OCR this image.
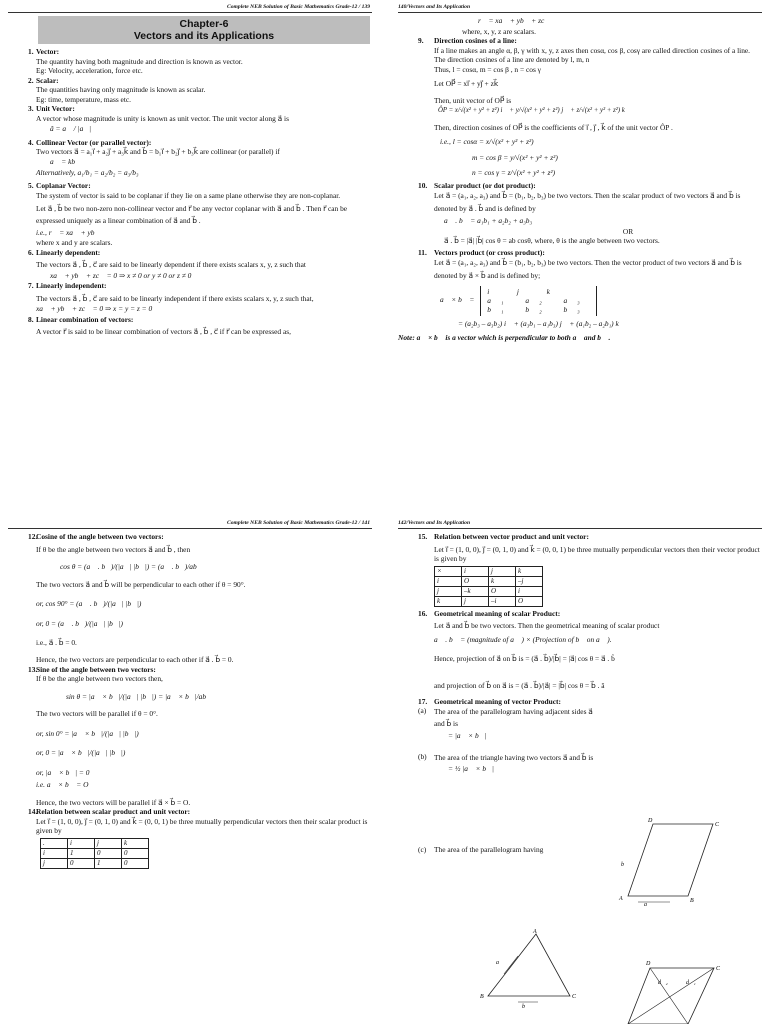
Complete NEB Solution of Basic Mathematics Grade-12 / 139
Chapter-6
Vectors and its Applications
1. Vector:

The quantity having both magnitude and direction is known as vector.

Eg: Velocity, acceleration, force etc.

2. Scalar:

The quantities having only magnitude is known as scalar.

Eg: time, temperature, mass etc.

3. Unit Vector:

A vector whose magnitude is unity is known as unit vector. The unit vector along a⃗ is

â = a⃗ / |a⃗|

4. Collinear Vector (or parallel vector):

Two vectors a⃗ = a₁i⃗ + a₂j⃗ + a₃k⃗ and b⃗ = b₁i⃗ + b₂j⃗ + b₃k⃗ are collinear (or parallel) if

a⃗ = kb⃗

Alternatively, a₁/b₁ = a₂/b₂ = a₃/b₃

5. Coplanar Vector:

The system of vector is said to be coplanar if they lie on a same plane otherwise they are non-coplanar.

Let a⃗ , b⃗ be two non-zero non-collinear vector and r⃗ be any vector coplanar with a⃗ and b⃗ . Then r⃗ can be expressed uniquely as a linear combination of a⃗ and b⃗ .

i.e., r⃗ = xa⃗ + yb⃗

where x and y are scalars.

6. Linearly dependent:

The vectors a⃗ , b⃗ , c⃗ are said to be linearly dependent if there exists scalars x, y, z such that

xa⃗ + yb⃗ + zc⃗ = 0 ⇒ x ≠ 0 or y ≠ 0 or z ≠ 0

7. Linearly independent:

The vectors a⃗ , b⃗ , c⃗ are said to be linearly independent if there exists scalars x, y, z such that,

xa⃗ + yb⃗ + zc⃗ = 0 ⇒ x = y = z = 0

8. Linear combination of vectors:

A vector r⃗ is said to be linear combination of vectors a⃗ , b⃗ , c⃗ if r⃗ can be expressed as,

140/Vectors and Its Application

r⃗ = xa⃗ + yb⃗ + zc⃗

where, x, y, z are scalars.

9.	Direction cosines of a line:

If a line makes an angle α, β, γ with x, y, z axes then cosα, cos β, cosγ are called direction cosines of a line.

The direction cosines of a line are denoted by l, m, n

Thus, l = cosα, m = cos β , n = cos γ

Let OP⃗ = xi⃗ + yj⃗ + zk⃗

Then, unit vector of OP⃗ is

ÔP = x/√(x² + y² + z²) i⃗ + y/√(x² + y² + z²) j⃗ + z/√(x² + y² + z²) k⃗

Then, direction cosines of OP⃗ is the coefficients of i⃗ , j⃗ , k⃗ of the unit vector ÔP .

i.e., l = cosα = x/√(x² + y² + z²)

m = cos β = y/√(x² + y² + z²)

n = cos γ = z/√(x² + y² + z²)

10. Scalar product (or dot product):

Let a⃗ = (a₁, a₂, a₃) and b⃗ = (b₁, b₂, b₃) be two vectors. Then the scalar product of two vectors a⃗ and b⃗ is denoted by a⃗ . b⃗ and is defined by

a⃗ . b⃗ = a₁b₁ + a₂b₂ + a₃b₃

OR

a⃗ . b⃗ = |a⃗| |b⃗| cos θ = ab cosθ, where, θ is the angle between two vectors.

11. Vectors product (or cross product):

Let a⃗ = (a₁, a₂, a₃) and b⃗ = (b₁, b₂, b₃) be two vectors. Then the vector product of two vectors a⃗ and b⃗ is denoted by a⃗ × b⃗ and is defined by;

a⃗ × b⃗ =
i⃗ j⃗ k⃗
a₁ a₂ a₃
b₁ b₂ b₃

= (a₂b₃ – a₃b₂) i⃗ + (a₃b₁ – a₁b₃) j⃗ + (a₁b₂ – a₂b₁) k⃗

Note: a⃗ × b⃗ is a vector which is perpendicular to both a⃗ and b⃗ .

Complete NEB Solution of Basic Mathematics Grade-12 / 141
12.

Cosine of the angle between two vectors:

If θ be the angle between two vectors a⃗ and b⃗ , then

cos θ = (a⃗ . b⃗)/(|a⃗| |b⃗|) = (a⃗ . b⃗)/ab

The two vectors a⃗ and b⃗ will be perpendicular to each other if θ = 90°.

or, cos 90° = (a⃗ . b⃗)/(|a⃗| |b⃗|)

or, 0 = (a⃗ . b⃗)/(|a⃗| |b⃗|)

i.e., a⃗ . b⃗ = 0.

Hence, the two vectors are perpendicular to each other if a⃗ . b⃗ = 0.

13.

Sine of the angle between two vectors:

If θ be the angle between two vectors then,

sin θ = |a⃗ × b⃗|/(|a⃗| |b⃗|) = |a⃗ × b⃗|/ab

The two vectors will be parallel if θ = 0°.

or, sin 0° = |a⃗ × b⃗|/(|a⃗| |b⃗|)

or, 0 = |a⃗ × b⃗|/(|a⃗| |b⃗|)

or, |a⃗ × b⃗| = 0

i.e. a⃗ × b⃗ = O

Hence, the two vectors will be parallel if a⃗ × b⃗ = O.

14.

Relation between scalar product and unit vector:

Let i⃗ = (1, 0, 0), j⃗ = (0, 1, 0) and k⃗ = (0, 0, 1) be three mutually perpendicular vectors then their scalar product is given by

.	i⃗	j⃗	k⃗
i⃗	1	0	0
j⃗	0	1	0
142/Vectors and Its Application
15. Relation between vector product and unit vector:

Let i⃗ = (1, 0, 0), j⃗ = (0, 1, 0) and k⃗ = (0, 0, 1) be three mutually perpendicular vectors then their vector product is given by

×	i⃗	j⃗	k⃗
i⃗	O	k⃗	–j⃗
j⃗	–k⃗	O	i⃗
k⃗	j⃗	–i⃗	O
16. Geometrical meaning of scalar Product:

Let a⃗ and b⃗ be two vectors. Then the geometrical meaning of scalar product

a⃗ . b⃗ = (magnitude of a⃗ ) × (Projection of b⃗ on a⃗ ).

Hence, projection of a⃗ on b⃗ is = (a⃗ . b⃗)/|b⃗| = |a⃗| cos θ = a⃗ . b̂

and projection of b⃗ on a⃗ is = (a⃗ . b⃗)/|a⃗| = |b⃗| cos θ = b⃗ . â

17. Geometrical meaning of vector Product:

(a) The area of the parallelogram having adjacent sides a⃗ and b⃗ is

= |a⃗ × b⃗|

(b) The area of the triangle having two vectors a⃗ and b⃗ is

= ½ |a⃗ × b⃗|

(c) The area of the parallelogram having

a⃗
b⃗
D
C
A	B
A
B	C
a⃗
b⃗
D
C
d⃗₂	d⃗₁
